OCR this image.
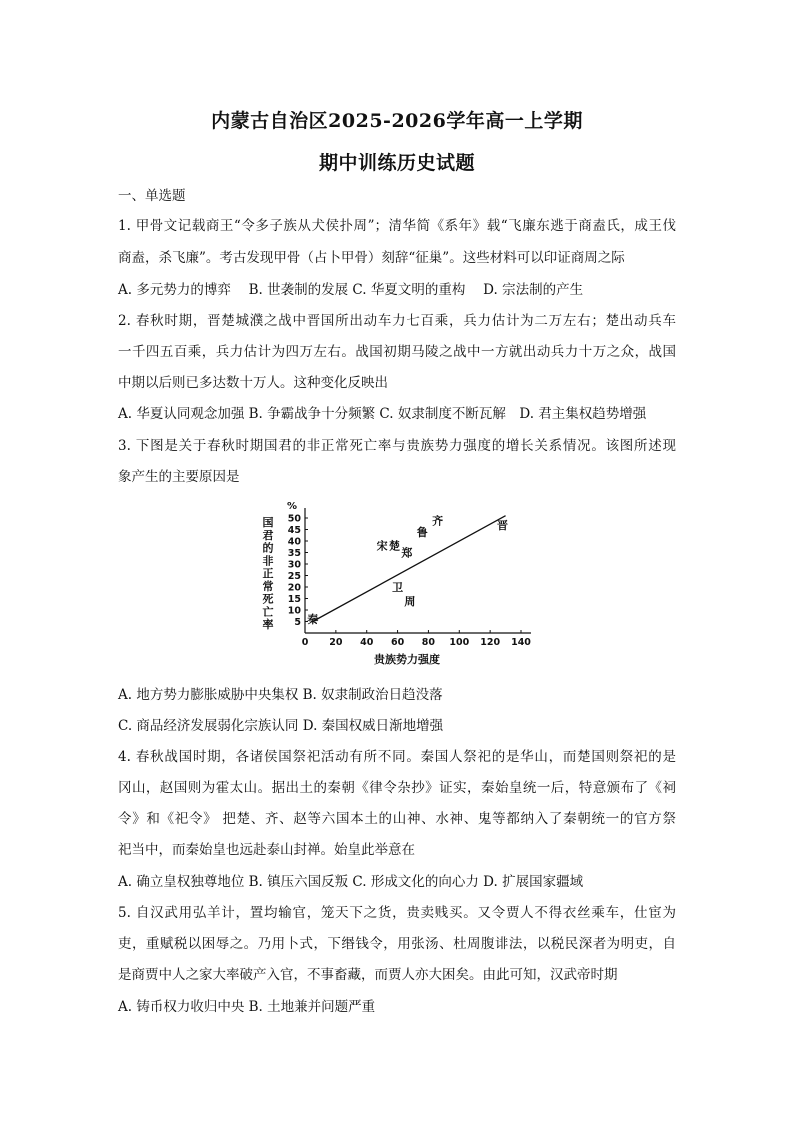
内蒙古自治区2025-2026学年高一上学期
期中训练历史试题
一、单选题
1. 甲骨文记载商王“令多子族从犬侯扑周”；清华简《系年》载“飞廉东逃于商盍氏，成王伐
商盍，杀飞廉”。考古发现甲骨（占卜甲骨）刻辞“征巢”。这些材料可以印证商周之际
A. 多元势力的博弈　 B. 世袭制的发展 C. 华夏文明的重构　 D. 宗法制的产生
2. 春秋时期，晋楚城濮之战中晋国所出动车力七百乘，兵力估计为二万左右；楚出动兵车
一千四五百乘，兵力估计为四万左右。战国初期马陵之战中一方就出动兵力十万之众，战国
中期以后则已多达数十万人。这种变化反映出
A. 华夏认同观念加强 B. 争霸战争十分频繁 C. 奴隶制度不断瓦解　D. 君主集权趋势增强
3. 下图是关于春秋时期国君的非正常死亡率与贵族势力强度的增长关系情况。该图所述现
象产生的主要原因是
0 20 40 60 80 100 120 140
5
10
15
20
25
30
35
40
45
50
%
国
君
的
非
正
常
死
亡
率
贵族势力强度
秦
卫
周
宋 楚
郑
鲁
齐	晋
A. 地方势力膨胀威胁中央集权 B. 奴隶制政治日趋没落
C. 商品经济发展弱化宗族认同 D. 秦国权威日渐地增强
4. 春秋战国时期，各诸侯国祭祀活动有所不同。秦国人祭祀的是华山，而楚国则祭祀的是
冈山，赵国则为霍太山。据出土的秦朝《律令杂抄》证实，秦始皇统一后，特意颁布了《祠
令》和《祀令》 把楚、齐、赵等六国本土的山神、水神、鬼等都纳入了秦朝统一的官方祭
祀当中，而秦始皇也远赴泰山封禅。始皇此举意在
A. 确立皇权独尊地位 B. 镇压六国反叛 C. 形成文化的向心力 D. 扩展国家疆域
5. 自汉武用弘羊计，置均输官，笼天下之货，贵卖贱买。又令贾人不得衣丝乘车，仕宦为
吏，重赋税以困辱之。乃用卜式，下缗钱令，用张汤、杜周腹诽法，以税民深者为明吏，自
是商贾中人之家大率破产入官，不事畜藏，而贾人亦大困矣。由此可知，汉武帝时期
A. 铸币权力收归中央 B. 土地兼并问题严重
